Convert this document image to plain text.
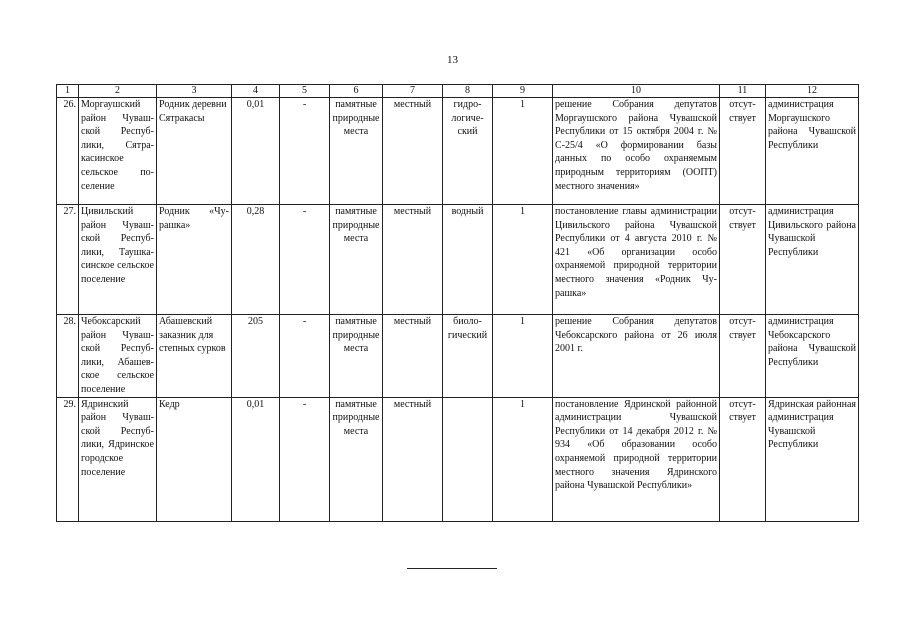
13
1	2	3	4	5	6	7	8	9	10	11	12
26.	Моргаушский район Чувашской Республики, Сятракасинское сельское поселение	Родник деревни Сятракасы	0,01	-	памятные природные места	местный	гидрологический	1	решение Собрания депутатов Моргаушского района Чувашской Республики от 15 октября 2004 г. № С-25/4 «О формировании базы данных по особо охраняемым природным территориям (ООПТ) местного значения»	отсутствует	администрация Моргаушского района Чувашской Республики
27.	Цивильский район Чувашской Республики, Таушкасинское сельское поселение	Родник «Чурашка»	0,28	-	памятные природные места	местный	водный	1	постановление главы администрации Цивильского района Чувашской Республики от 4 августа 2010 г. № 421 «Об организации особо охраняемой природной территории местного значения «Родник Чурашка»	отсутствует	администрация Цивильского района Чувашской Республики
28.	Чебоксарский район Чувашской Республики, Абашевское сельское поселение	Абашевский заказник для степных сурков	205	-	памятные природные места	местный	биологический	1	решение Собрания депутатов Чебоксарского района от 26 июля 2001 г.	отсутствует	администрация Чебоксарского района Чувашской Республики
29.	Ядринский район Чувашской Республики, Ядринское городское поселение	Кедр	0,01	-	памятные природные места	местный		1	постановление Ядринской районной администрации Чувашской Республики от 14 декабря 2012 г. № 934 «Об образовании особо охраняемой природной территории местного значения Ядринского района Чувашской Республики»	отсутствует	Ядринская районная администрация Чувашской Республики
